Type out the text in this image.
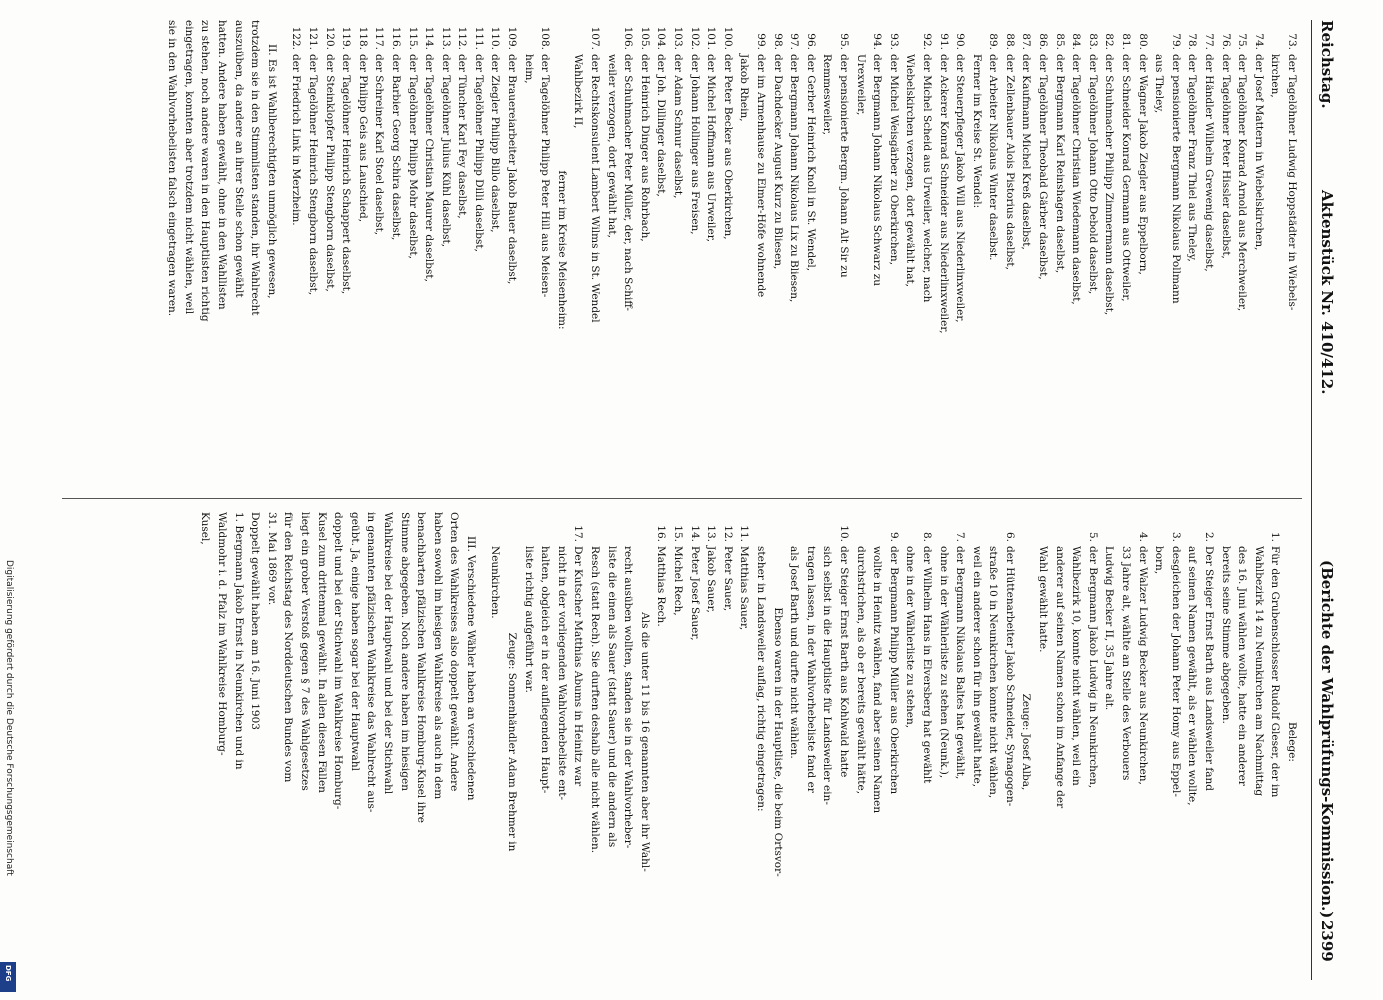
Reichstag.
Aktenstück Nr. 410/412.
(Berichte der Wahlprüfungs-Kommission.)
2399
73.der Tagelöhner Ludwig Hoppstädter in Wiebels-
kirchen,
74.der Josef Mattern in Wiebelskirchen,
75.der Tagelöhner Konrad Arnold aus Merchweiler,
76.der Tagelöhner Peter Hissler daselbst,
77.der Händler Wilhelm Grewenig daselbst,
78.der Tagelöhner Franz Thiel aus Theley,
79.der pensionierte Bergmann Nikolaus Pollmann
aus Theley,
80.der Wagner Jakob Ziegler aus Eppelborn,
81.der Schneider Konrad Germann aus Ottweiler,
82.der Schuhmacher Philipp Zimmermann daselbst,
83.der Tagelöhner Johann Otto Debold daselbst,
84.der Tagelöhner Christian Wiedemann daselbst,
85.der Bergmann Karl Reinshagen daselbst,
86.der Tagelöhner Theobald Gärber daselbst,
87.der Kaufmann Michel Kreß daselbst,
88.der Zellenbauer Alois Pistorius daselbst,
89.der Arbeiter Nikolaus Winter daselbst.
Ferner im Kreise St. Wendel:
90.der Steuerpfleger Jakob Will aus Niederlinxweiler,
91.der Ackerer Konrad Schneider aus Niederlinxweiler,
92.der Michel Scheid aus Urweiler, welcher, nach
Wiebelskirchen verzogen, dort gewählt hat,
93.der Michel Weisgärber zu Oberkirchen,
94.der Bergmann Johann Nikolaus Schwarz zu
Urexweiler,
95.der pensionierte Bergm. Johann Alt Sir zu
Remmesweiler,
96.der Gerber Heinrich Knoll in St. Wendel,
97.der Bergmann Johann Nikolaus Lix zu Bliesen,
98.der Dachdecker August Kurz zu Bliesen,
99.der im Armenhause zu Elmer-Höfe wohnende
Jakob Rhein,
100.der Peter Becker aus Oberkirchen,
101.der Michel Hoffmann aus Urweiler,
102.der Johann Hollinger aus Freisen,
103.der Adam Schnur daselbst,
104.der Joh. Dillinger daselbst,
105.der Heinrich Dinger aus Rohrbach,
106.der Schuhmacher Peter Müller, der, nach Schiff-
weiler verzogen, dort gewählt hat,
107.der Rechtskonsulent Lambert Wilms in St. Wendel
Wahlbezirk II,
ferner im Kreise Meisenheim:
108.der Tagelöhner Philipp Peter Hill aus Meisen-
heim,
109.der Brauereiarbeiter Jakob Bauer daselbst,
110.der Ziegler Philipp Billo daselbst,
111.der Tagelöhner Philipp Dilli daselbst,
112.der Tüncher Karl Fey daselbst,
113.der Tagelöhner Julius Kühl daselbst,
114.der Tagelöhner Christian Maurer daselbst,
115.der Tagelöhner Philipp Mohr daselbst,
116.der Barbier Georg Schira daselbst,
117.der Schreiner Karl Stoel daselbst,
118.der Philipp Geis aus Lauschied,
119.der Tagelöhner Heinrich Schappert daselbst,
120.der Steinklopfer Philipp Stengborn daselbst,
121.der Tagelöhner Heinrich Stengborn daselbst,
122.der Friedrich Link in Merzheim.
II. Es ist Wahlberechtigten unmöglich gewesen,
trotzdem sie in den Stimmlisten standen, ihr Wahlrecht
auszuüben, da andere an ihrer Stelle schon gewählt
hatten. Andere haben gewählt, ohne in den Wahllisten
zu stehen, noch andere waren in den Hauptlisten richtig
eingetragen, konnten aber trotzdem nicht wählen, weil
sie in den Wahlvorhebelisten falsch eingetragen waren.
Belege:
1.Für den Grubenschlosser Rudolf Gleser, der im
Wahlbezirk 14 zu Neunkirchen am Nachmittag
des 16. Juni wählen wollte, hatte ein anderer
bereits seine Stimme abgegeben.
2.Der Steiger Ernst Barth aus Landsweiler fand
auf seinen Namen gewählt, als er wählen wollte,
3.desgleichen der Johann Peter Homy aus Eppel-
born,
4.der Walzer Ludwig Becker aus Neunkirchen,
33 Jahre alt, wählte an Stelle des Verbouers
Ludwig Becker II, 35 Jahre alt.
5.der Bergmann Jakob Ludwig in Neunkirchen,
Wahlbezirk 10, konnte nicht wählen, weil ein
anderer auf seinen Namen schon im Anfange der
Wahl gewählt hatte.
Zeuge: Josef Alba,
6.der Hüttenarbeiter Jakob Schneider, Synagogen-
straße 10 in Neunkirchen konnte nicht wählen,
weil ein anderer schon für ihn gewählt hatte,
7.der Bergmann Nikolaus Baltes hat gewählt,
ohne in der Wählerliste zu stehen (Neunk.),
8.der Wilhelm Hans in Elversberg hat gewählt
ohne in der Wählerliste zu stehen,
9.der Bergmann Philipp Müller aus Oberkirchen
wollte in Heinitz wählen, fand aber seinen Namen
durchstrichen, als ob er bereits gewählt hätte,
10.der Steiger Ernst Barth aus Kohlwald hatte
sich selbst in die Hauptliste für Landsweiler ein-
tragen lassen, in der Wahlvorhebeliste fand er
als Josef Barth und durfte nicht wählen.
Ebenso waren in der Hauptliste, die beim Ortsvor-
steher in Landsweiler auflag, richtig eingetragen:
11.Matthias Sauer,
12.Peter Sauer,
13.Jakob Sauer,
14.Peter Josef Sauer,
15.Michel Rech,
16.Matthias Rech.
Als die unter 11 bis 16 genannten aber ihr Wahl-
recht ausüben wollten, standen sie in der Wahlvorheber-
liste die einen als Sauer (statt Sauer) und die andern als
Resch (statt Rech). Sie durften deshalb alle nicht wählen.
17.Der Kutscher Matthias Abums in Heinitz war
nicht in der vorliegenden Wahlvorhebeliste ent-
halten, obgleich er in der aufliegenden Haupt-
liste richtig aufgeführt war.
Zeuge: Sonnenhändler Adam Brehmer in
Neunkirchen.
III. Verschiedene Wähler haben an verschiedenen
Orten des Wahlkreises also doppelt gewählt. Andere
haben sowohl im hiesigen Wahlkreise als auch in dem
benachbarten pfälzischen Wahlkreise Homburg-Kusel ihre
Stimme abgegeben. Noch andere haben im hiesigen
Wahlkreise bei der Hauptwahl und bei der Stichwahl
in genannten pfälzischen Wahlkreise das Wahlrecht aus-
geübt. Ja, einige haben sogar bei der Hauptwahl
doppelt und bei der Stichwahl im Wahlkreise Homburg-
Kusel zum drittenmal gewählt. In allen diesen Fällen
liegt ein grober Verstoß gegen § 7 des Wahlgesetzes
für den Reichstag des Norddeutschen Bundes vom
31. Mai 1869 vor.
Doppelt gewählt haben am 16. Juni 1903
1. Bergmann Jakob Ernst in Neunkirchen und in
Waldmohr i. d. Pfalz im Wahlkreise Homburg-
Kusel,
Digitalisierung gefördert durch die Deutsche Forschungsgemeinschaft
DFG
